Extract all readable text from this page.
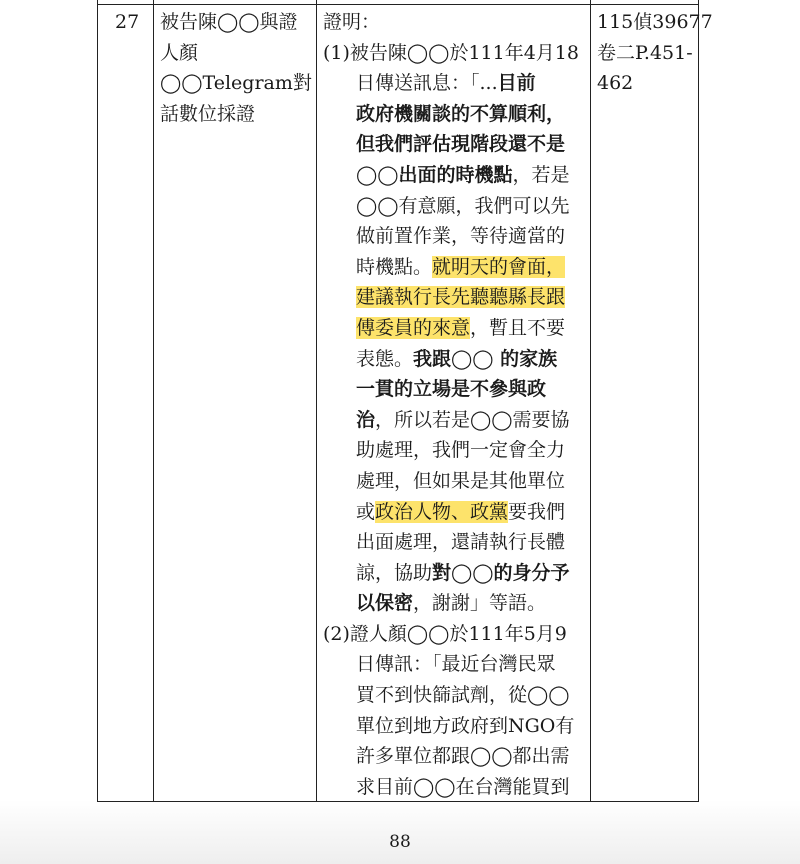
27 被告陳◯◯與證
人顏
◯◯Telegram對
話數位採證
證明：
(1)被告陳◯◯於111年4月18
日傳送訊息：「...目前
政府機關談的不算順利，
但我們評估現階段還不是
◯◯出面的時機點，若是
◯◯有意願，我們可以先
做前置作業，等待適當的
時機點。就明天的會面，
建議執行長先聽聽縣長跟
傅委員的來意，暫且不要
表態。我跟◯◯ 的家族
一貫的立場是不參與政
治，所以若是◯◯需要協
助處理，我們一定會全力
處理，但如果是其他單位
或政治人物、政黨要我們
出面處理，還請執行長體
諒，協助對◯◯的身分予
以保密，謝謝」等語。
(2)證人顏◯◯於111年5月9
日傳訊：「最近台灣民眾
買不到快篩試劑，從◯◯
單位到地方政府到NGO有
許多單位都跟◯◯都出需
求目前◯◯在台灣能買到
115偵39677
卷二P.451-
462
88
